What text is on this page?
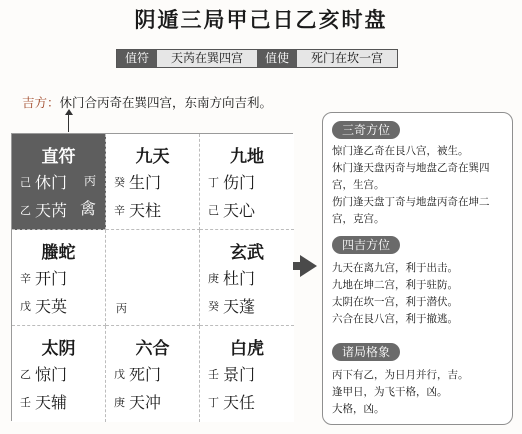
阴遁三局甲己日乙亥时盘
值符	天芮在巽四宫	值使	死门在坎一宫
吉方：休门合丙奇在巽四宫，东南方向吉利。
直符
己 休门
乙 天芮
丙
禽
九天
癸 生门
辛 天柱
九地
丁 伤门
己 天心
螣蛇
辛 开门
戊 天英	丙
玄武
庚 杜门
癸 天蓬
太阴
乙 惊门
壬 天辅
六合
戊 死门
庚 天冲
白虎
壬 景门
丁 天任
三奇方位
惊门逢乙奇在艮八宫，被生。
休门逢天盘丙奇与地盘乙奇在巽四
宫，生宫。
伤门逢天盘丁奇与地盘丙奇在坤二
宫，克宫。
四吉方位
九天在离九宫，利于出击。
九地在坤二宫，利于驻防。
太阴在坎一宫，利于潜伏。
六合在艮八宫，利于撤逃。
诸局格象
丙下有乙，为日月并行，吉。
逢甲日，为飞干格，凶。
大格，凶。
